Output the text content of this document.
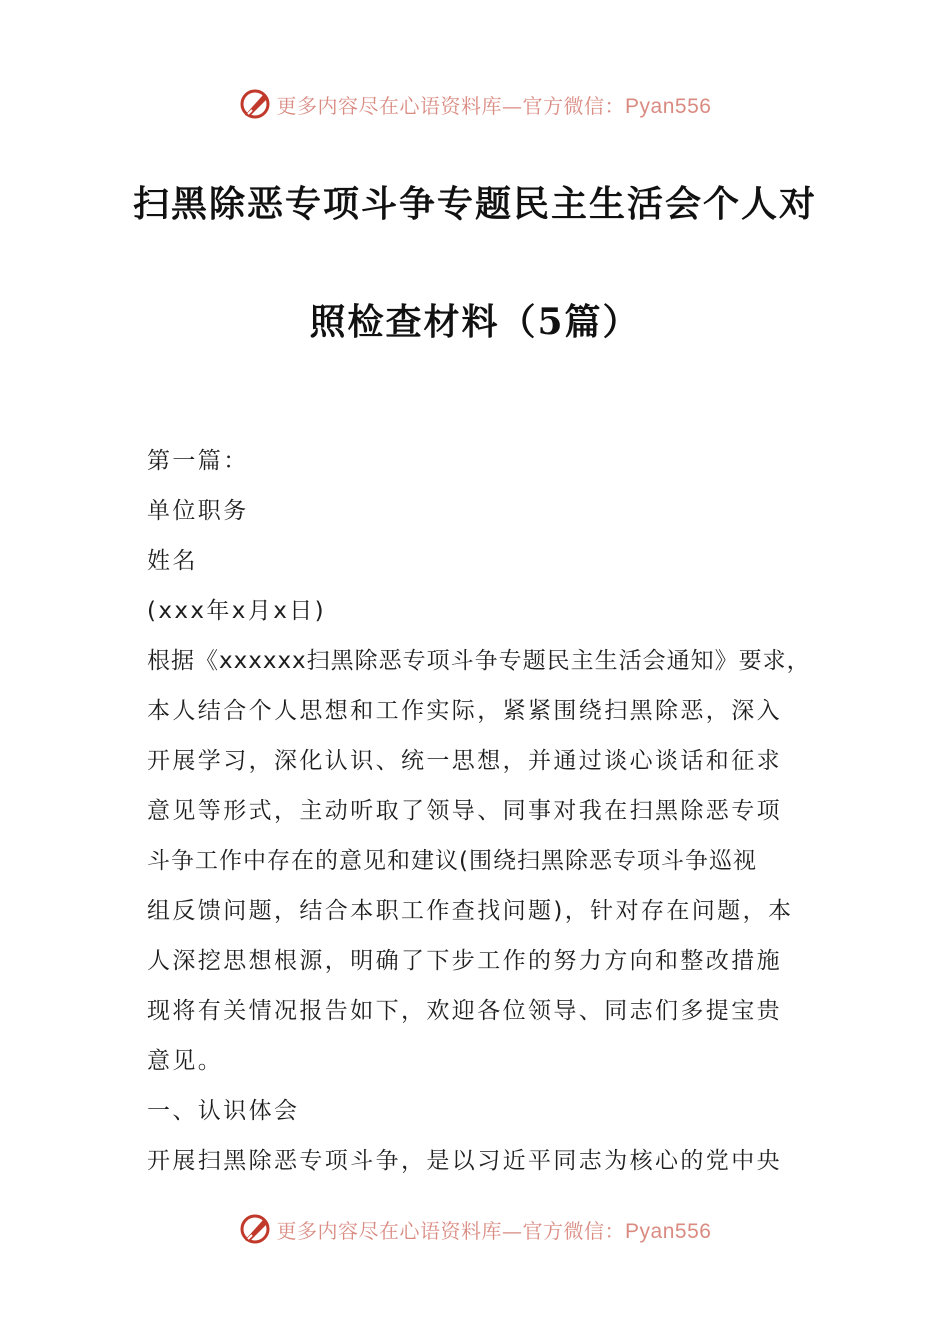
更多内容尽在心语资料库—官方微信：Pyan556
扫黑除恶专项斗争专题民主生活会个人对
照检查材料（5篇）
第一篇：
单位职务
姓名
(xxx年x月x日)
根据《xxxxxx扫黑除恶专项斗争专题民主生活会通知》要求，
本人结合个人思想和工作实际，紧紧围绕扫黑除恶，深入
开展学习，深化认识、统一思想，并通过谈心谈话和征求
意见等形式，主动听取了领导、同事对我在扫黑除恶专项
斗争工作中存在的意见和建议(围绕扫黑除恶专项斗争巡视
组反馈问题，结合本职工作查找问题)，针对存在问题，本
人深挖思想根源，明确了下步工作的努力方向和整改措施
现将有关情况报告如下，欢迎各位领导、同志们多提宝贵
意见。
一、认识体会
开展扫黑除恶专项斗争，是以习近平同志为核心的党中央
更多内容尽在心语资料库—官方微信：Pyan556
